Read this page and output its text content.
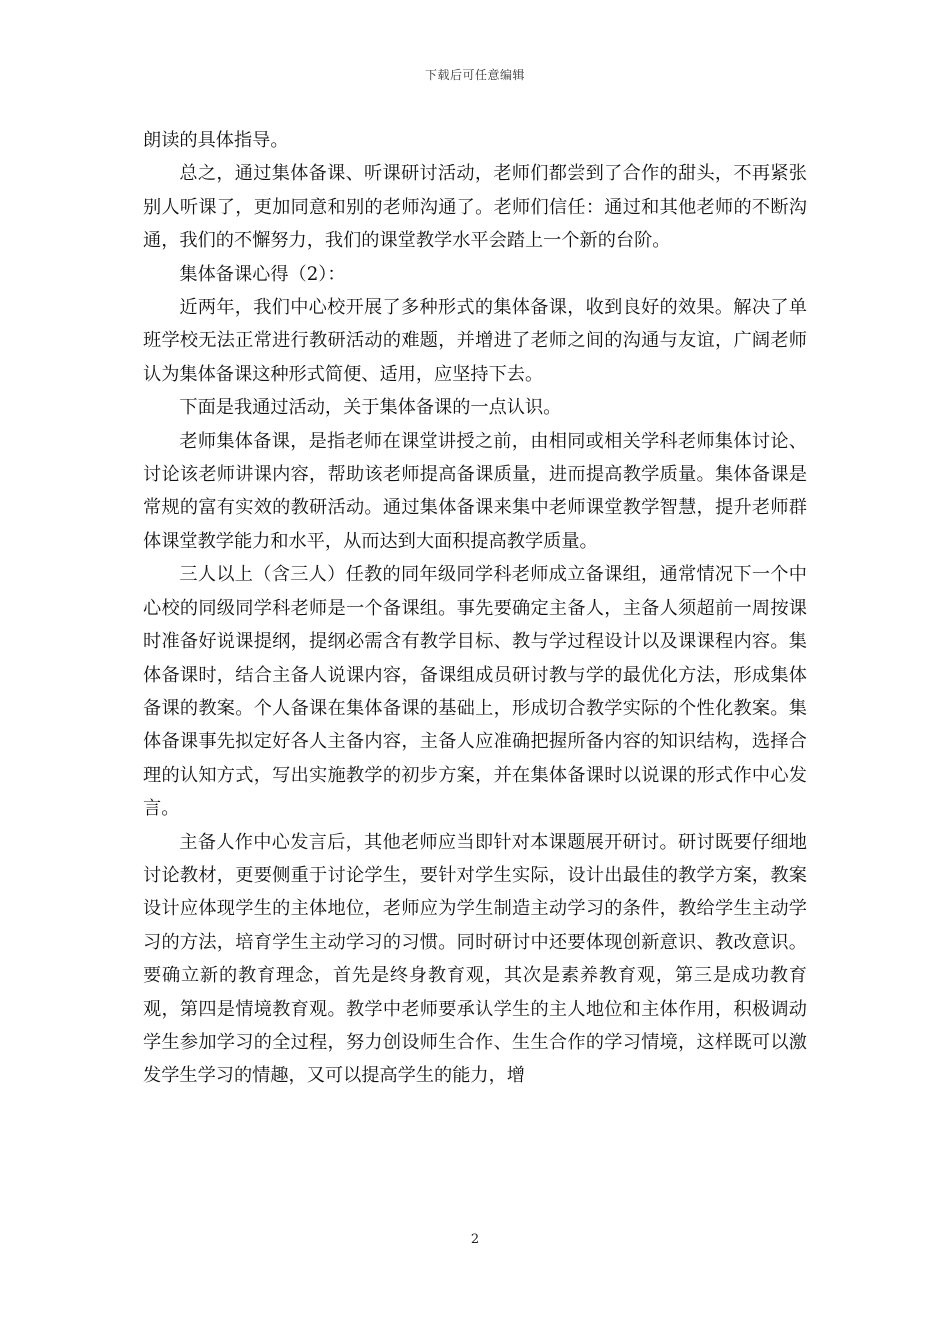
下载后可任意编辑

朗读的具体指导。

总之，通过集体备课、听课研讨活动，老师们都尝到了合作的甜头，不再紧张别人听课了，更加同意和别的老师沟通了。老师们信任：通过和其他老师的不断沟通，我们的不懈努力，我们的课堂教学水平会踏上一个新的台阶。

集体备课心得（2）：

近两年，我们中心校开展了多种形式的集体备课，收到良好的效果。解决了单班学校无法正常进行教研活动的难题，并增进了老师之间的沟通与友谊，广阔老师认为集体备课这种形式简便、适用，应坚持下去。

下面是我通过活动，关于集体备课的一点认识。

老师集体备课，是指老师在课堂讲授之前，由相同或相关学科老师集体讨论、讨论该老师讲课内容，帮助该老师提高备课质量，进而提高教学质量。集体备课是常规的富有实效的教研活动。通过集体备课来集中老师课堂教学智慧，提升老师群体课堂教学能力和水平，从而达到大面积提高教学质量。

三人以上（含三人）任教的同年级同学科老师成立备课组，通常情况下一个中心校的同级同学科老师是一个备课组。事先要确定主备人，主备人须超前一周按课时准备好说课提纲，提纲必需含有教学目标、教与学过程设计以及课课程内容。集体备课时，结合主备人说课内容，备课组成员研讨教与学的最优化方法，形成集体备课的教案。个人备课在集体备课的基础上，形成切合教学实际的个性化教案。集体备课事先拟定好各人主备内容，主备人应准确把握所备内容的知识结构，选择合理的认知方式，写出实施教学的初步方案，并在集体备课时以说课的形式作中心发言。

主备人作中心发言后，其他老师应当即针对本课题展开研讨。研讨既要仔细地讨论教材，更要侧重于讨论学生，要针对学生实际，设计出最佳的教学方案，教案设计应体现学生的主体地位，老师应为学生制造主动学习的条件，教给学生主动学习的方法，培育学生主动学习的习惯。同时研讨中还要体现创新意识、教改意识。要确立新的教育理念，首先是终身教育观，其次是素养教育观，第三是成功教育观，第四是情境教育观。教学中老师要承认学生的主人地位和主体作用，积极调动学生参加学习的全过程，努力创设师生合作、生生合作的学习情境，这样既可以激发学生学习的情趣，又可以提高学生的能力，增

2
